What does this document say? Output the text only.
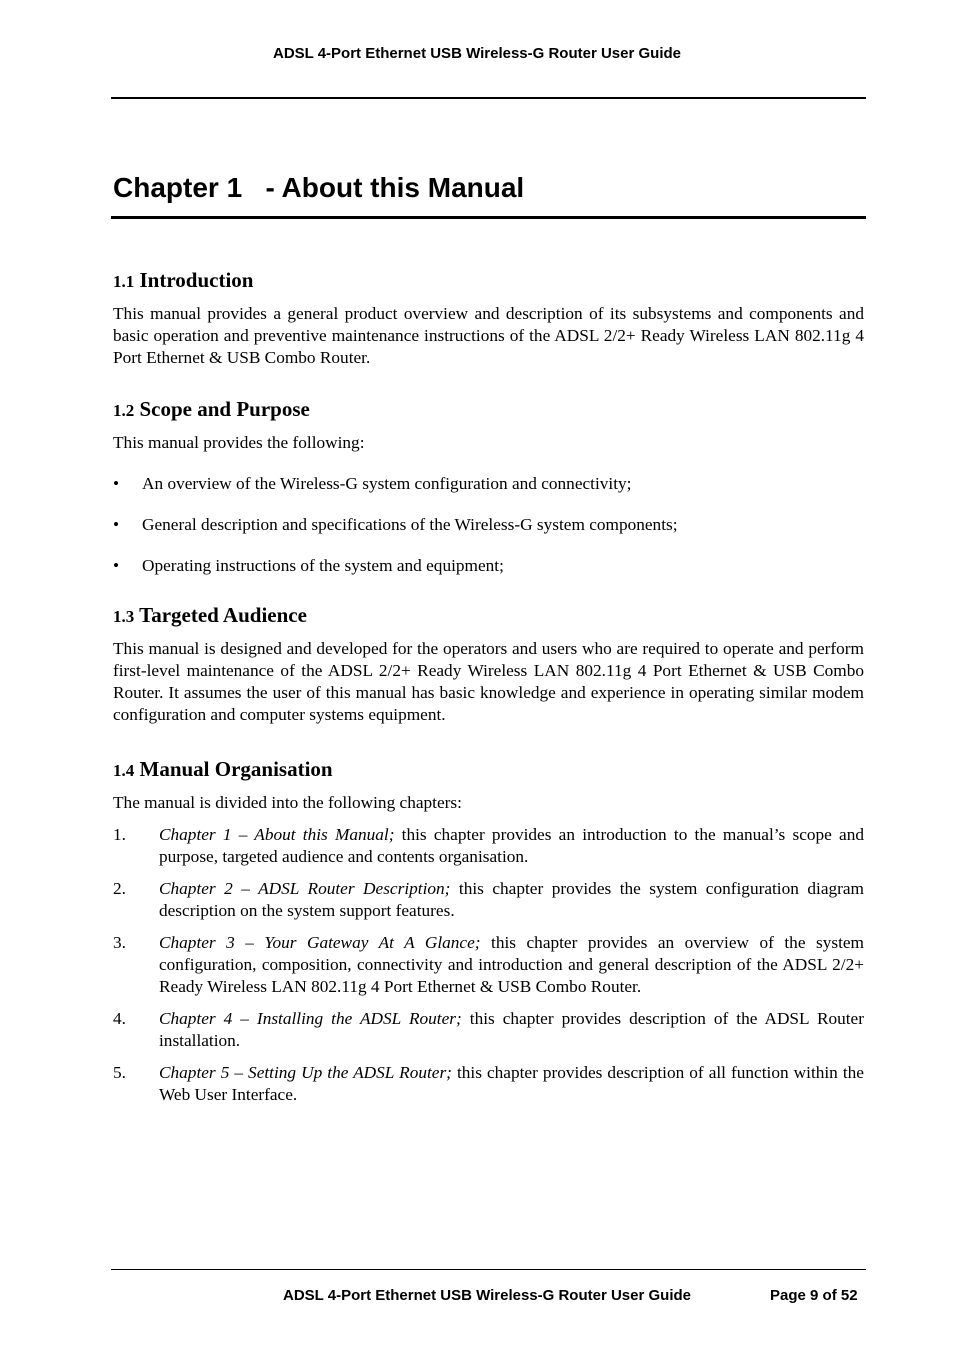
ADSL 4-Port Ethernet USB Wireless-G Router User Guide
Chapter 1   - About this Manual
1.1 Introduction

This manual provides a general product overview and description of its subsystems and components and basic operation and preventive maintenance instructions of the ADSL 2/2+ Ready Wireless LAN 802.11g 4 Port Ethernet & USB Combo Router.

1.2 Scope and Purpose

This manual provides the following:

• An overview of the Wireless-G system configuration and connectivity;
• General description and specifications of the Wireless-G system components;
• Operating instructions of the system and equipment;
1.3 Targeted Audience

This manual is designed and developed for the operators and users who are required to operate and perform first-level maintenance of the ADSL 2/2+ Ready Wireless LAN 802.11g 4 Port Ethernet & USB Combo Router. It assumes the user of this manual has basic knowledge and experience in operating similar modem configuration and computer systems equipment.

1.4 Manual Organisation

The manual is divided into the following chapters:

1. Chapter 1 – About this Manual; this chapter provides an introduction to the manual’s scope and purpose, targeted audience and contents organisation.
2. Chapter 2 – ADSL Router Description; this chapter provides the system configuration diagram description on the system support features.
3. Chapter 3 – Your Gateway At A Glance; this chapter provides an overview of the system configuration, composition, connectivity and introduction and general description of the ADSL 2/2+ Ready Wireless LAN 802.11g 4 Port Ethernet & USB Combo Router.
4. Chapter 4 – Installing the ADSL Router; this chapter provides description of the ADSL Router installation.
5. Chapter 5 – Setting Up the ADSL Router; this chapter provides description of all function within the Web User Interface.
ADSL 4-Port Ethernet USB Wireless-G Router User Guide	Page 9 of 52
